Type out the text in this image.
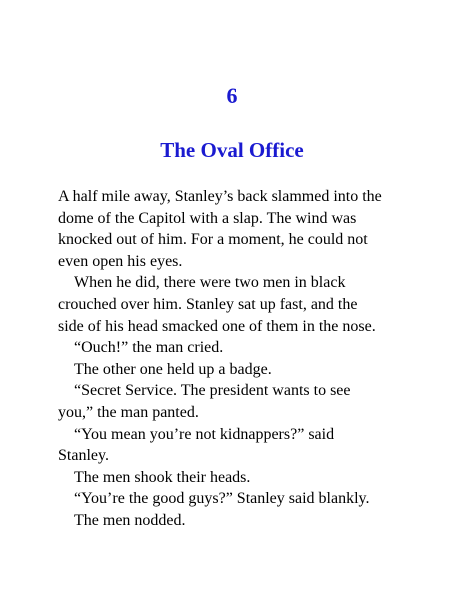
6
The Oval Office
A half mile away, Stanley’s back slammed into the
dome of the Capitol with a slap. The wind was
knocked out of him. For a moment, he could not
even open his eyes.
When he did, there were two men in black
crouched over him. Stanley sat up fast, and the
side of his head smacked one of them in the nose.
“Ouch!” the man cried.
The other one held up a badge.
“Secret Service. The president wants to see
you,” the man panted.
“You mean you’re not kidnappers?” said
Stanley.
The men shook their heads.
“You’re the good guys?” Stanley said blankly.
The men nodded.
